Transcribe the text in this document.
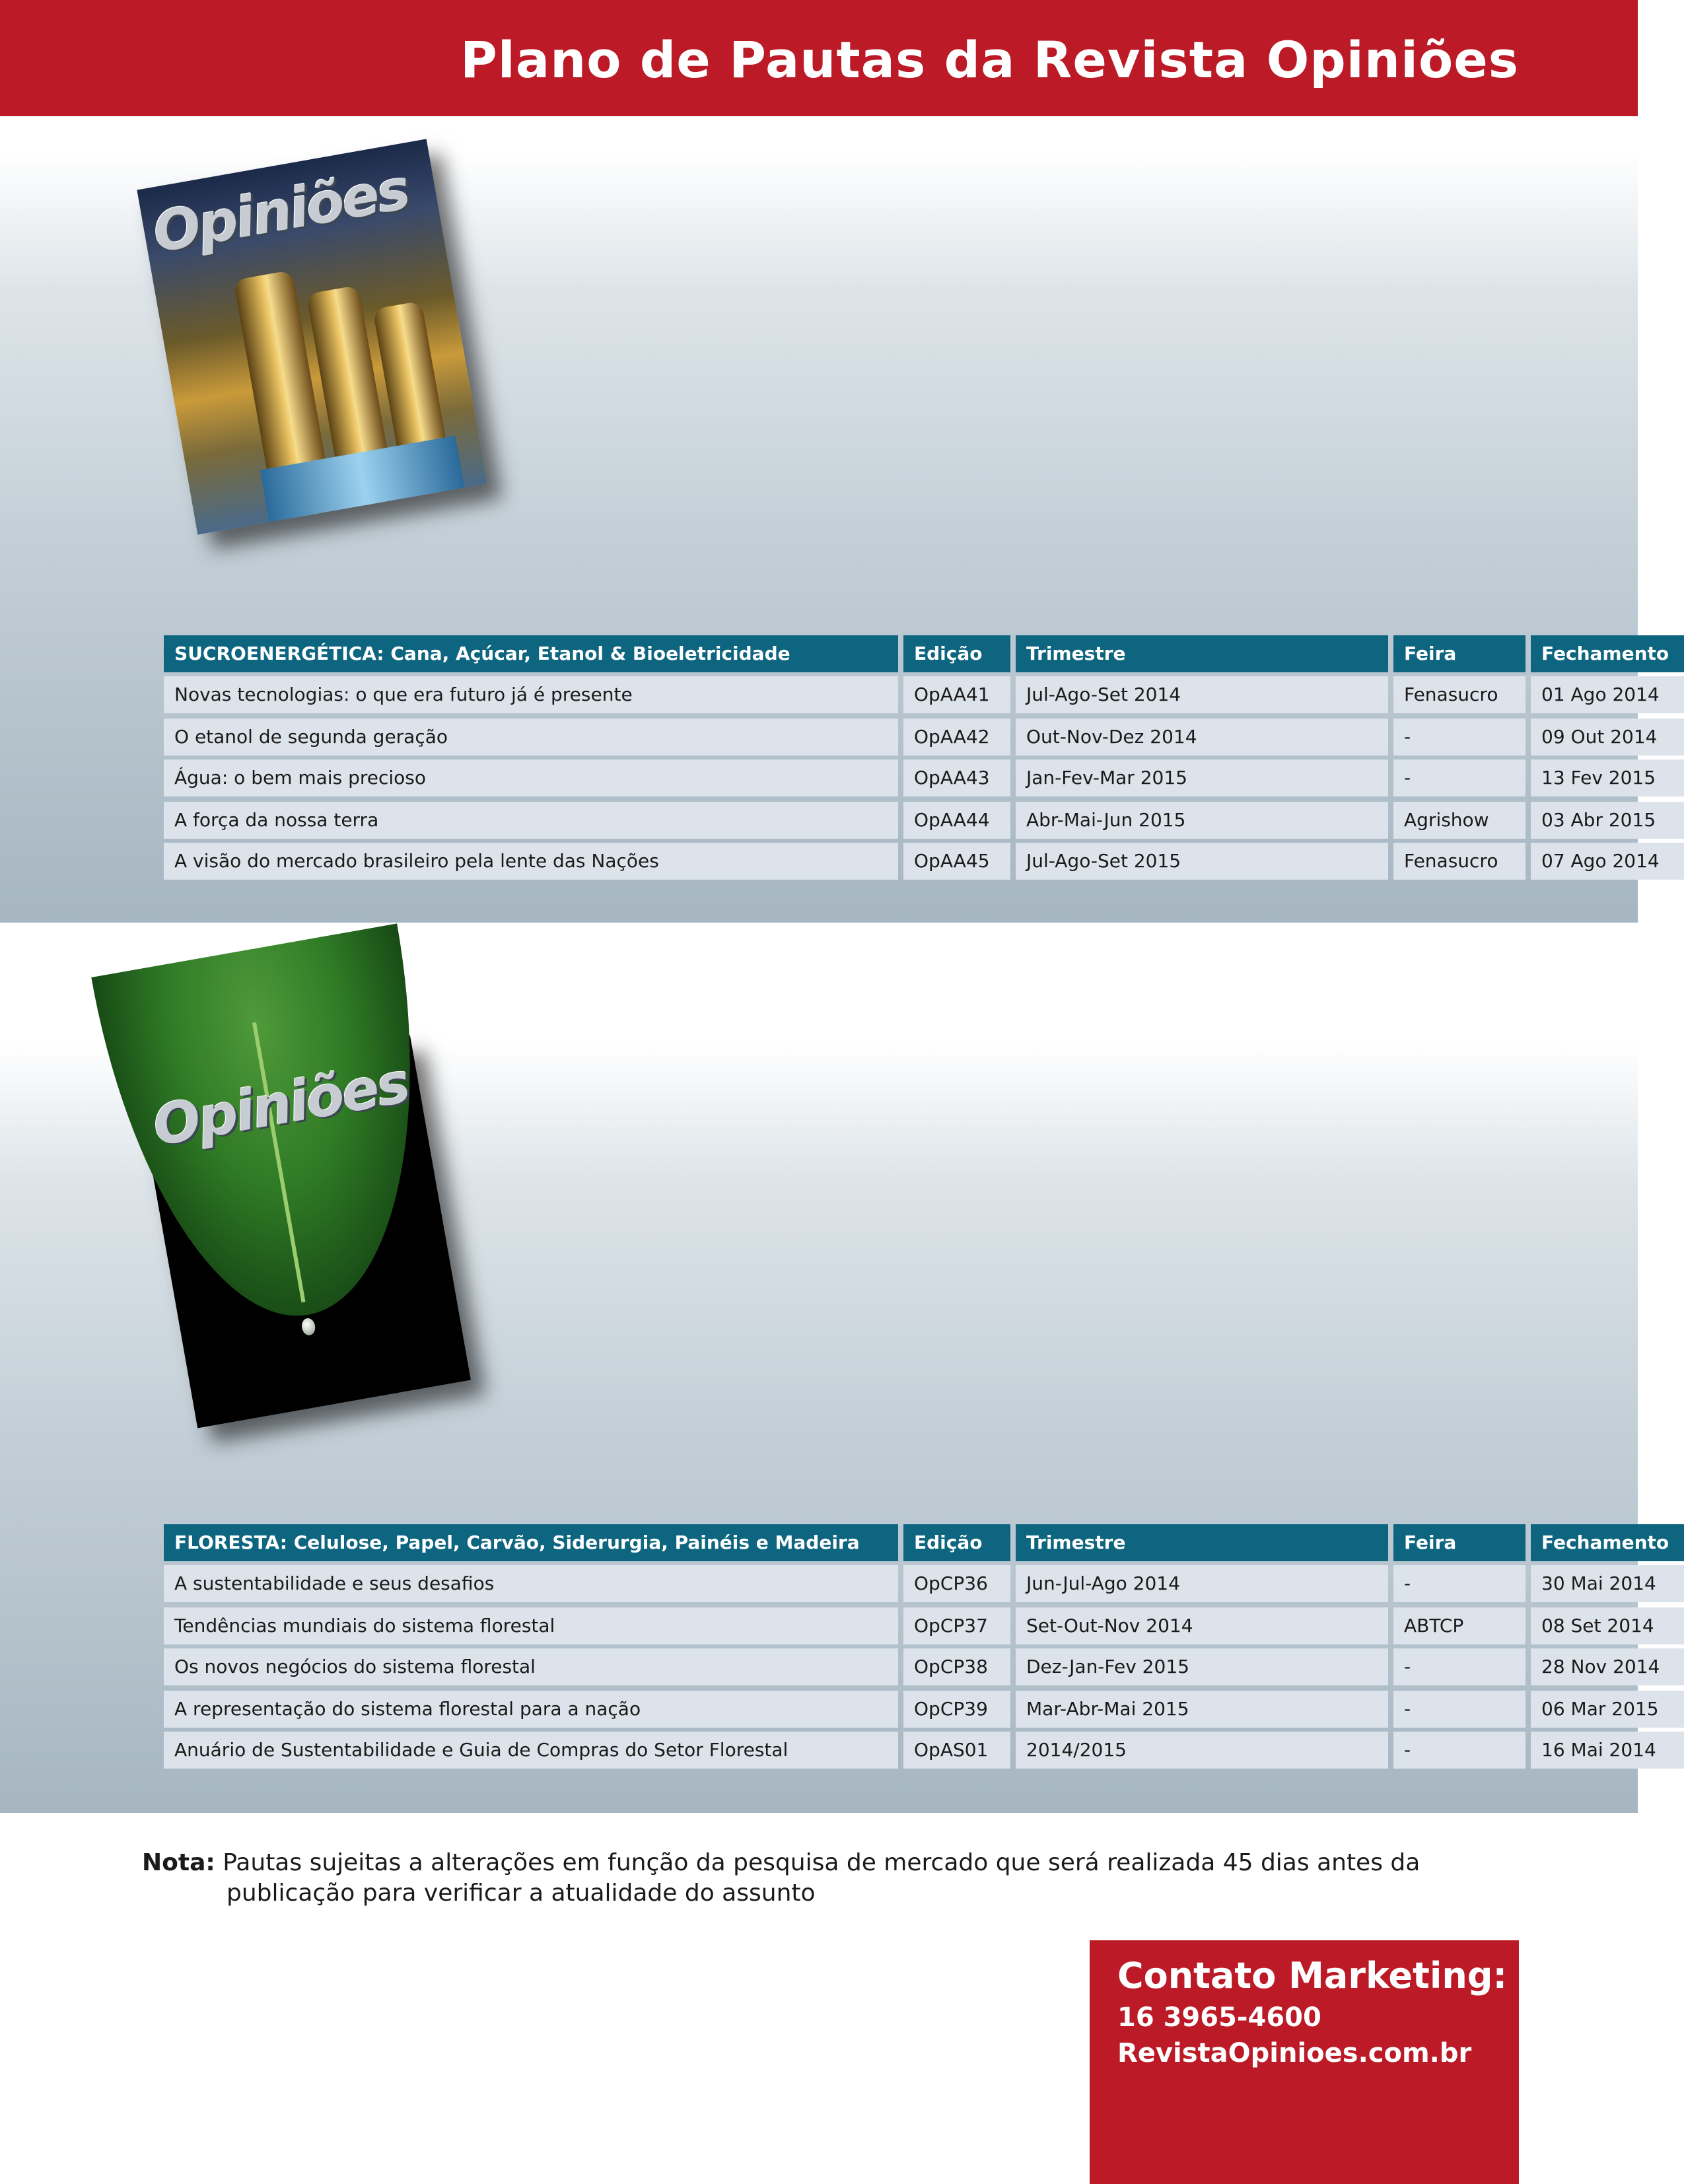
Plano de Pautas da Revista Opiniões
Opiniões
SUCROENERGÉTICA: Cana, Açúcar, Etanol & Bioeletricidade	Edição	Trimestre	Feira	Fechamento
Novas tecnologias: o que era futuro já é presente	OpAA41	Jul-Ago-Set 2014	Fenasucro	01 Ago 2014
O etanol de segunda geração	OpAA42	Out-Nov-Dez 2014	-	09 Out 2014
Água: o bem mais precioso	OpAA43	Jan-Fev-Mar 2015	-	13 Fev 2015
A força da nossa terra	OpAA44	Abr-Mai-Jun 2015	Agrishow	03 Abr 2015
A visão do mercado brasileiro pela lente das Nações	OpAA45	Jul-Ago-Set 2015	Fenasucro	07 Ago 2014
Opiniões
FLORESTA: Celulose, Papel, Carvão, Siderurgia, Painéis e Madeira	Edição	Trimestre	Feira	Fechamento
A sustentabilidade e seus desafios	OpCP36	Jun-Jul-Ago 2014	-	30 Mai 2014
Tendências mundiais do sistema florestal	OpCP37	Set-Out-Nov 2014	ABTCP	08 Set 2014
Os novos negócios do sistema florestal	OpCP38	Dez-Jan-Fev 2015	-	28 Nov 2014
A representação do sistema florestal para a nação	OpCP39	Mar-Abr-Mai 2015	-	06 Mar 2015
Anuário de Sustentabilidade e Guia de Compras do Setor Florestal	OpAS01	2014/2015	-	16 Mai 2014
Nota: Pautas sujeitas a alterações em função da pesquisa de mercado que será realizada 45 dias antes da
publicação para verificar a atualidade do assunto
Contato Marketing:
16 3965-4600
RevistaOpinioes.com.br
